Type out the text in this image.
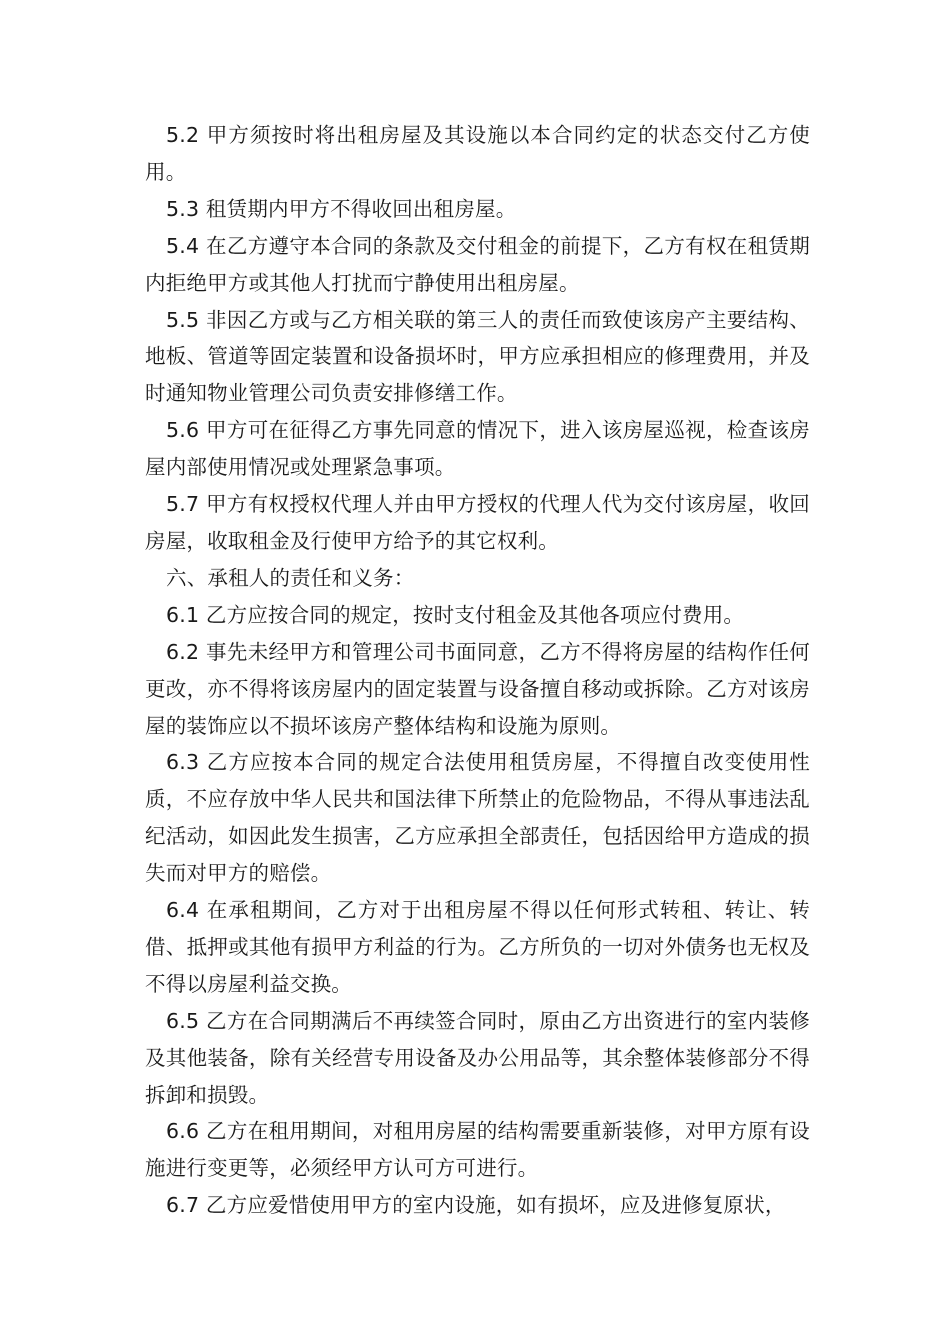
5.2 甲方须按时将出租房屋及其设施以本合同约定的状态交付乙方使用。

5.3 租赁期内甲方不得收回出租房屋。

5.4 在乙方遵守本合同的条款及交付租金的前提下，乙方有权在租赁期内拒绝甲方或其他人打扰而宁静使用出租房屋。

5.5 非因乙方或与乙方相关联的第三人的责任而致使该房产主要结构、地板、管道等固定装置和设备损坏时，甲方应承担相应的修理费用，并及时通知物业管理公司负责安排修缮工作。

5.6 甲方可在征得乙方事先同意的情况下，进入该房屋巡视，检查该房屋内部使用情况或处理紧急事项。

5.7 甲方有权授权代理人并由甲方授权的代理人代为交付该房屋，收回房屋，收取租金及行使甲方给予的其它权利。

六、承租人的责任和义务：

6.1 乙方应按合同的规定，按时支付租金及其他各项应付费用。

6.2 事先未经甲方和管理公司书面同意，乙方不得将房屋的结构作任何更改，亦不得将该房屋内的固定装置与设备擅自移动或拆除。乙方对该房屋的装饰应以不损坏该房产整体结构和设施为原则。

6.3 乙方应按本合同的规定合法使用租赁房屋，不得擅自改变使用性质，不应存放中华人民共和国法律下所禁止的危险物品，不得从事违法乱纪活动，如因此发生损害，乙方应承担全部责任，包括因给甲方造成的损失而对甲方的赔偿。

6.4 在承租期间，乙方对于出租房屋不得以任何形式转租、转让、转借、抵押或其他有损甲方利益的行为。乙方所负的一切对外债务也无权及不得以房屋利益交换。

6.5 乙方在合同期满后不再续签合同时，原由乙方出资进行的室内装修及其他装备，除有关经营专用设备及办公用品等，其余整体装修部分不得拆卸和损毁。

6.6 乙方在租用期间，对租用房屋的结构需要重新装修，对甲方原有设施进行变更等，必须经甲方认可方可进行。

6.7 乙方应爱惜使用甲方的室内设施，如有损坏，应及进修复原状，
